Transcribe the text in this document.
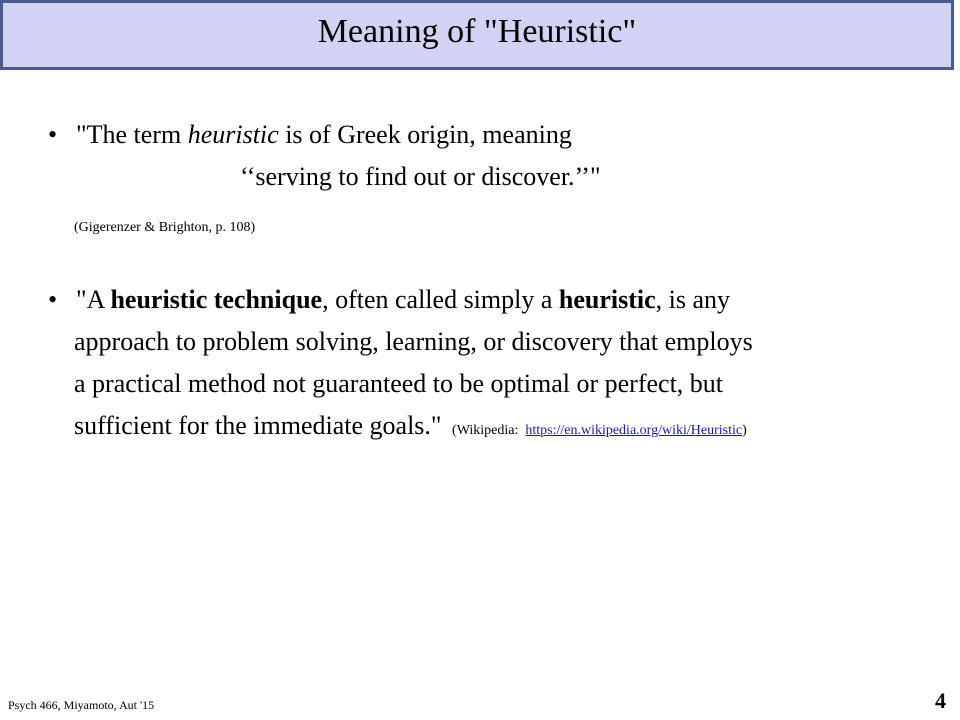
Meaning of "Heuristic"
• "The term heuristic is of Greek origin, meaning
‘‘serving to find out or discover.’’"
(Gigerenzer & Brighton, p. 108)
• "A heuristic technique, often called simply a heuristic, is any
approach to problem solving, learning, or discovery that employs
a practical method not guaranteed to be optimal or perfect, but
sufficient for the immediate goals." (Wikipedia:  https://en.wikipedia.org/wiki/Heuristic)
Psych 466, Miyamoto, Aut '15	4
